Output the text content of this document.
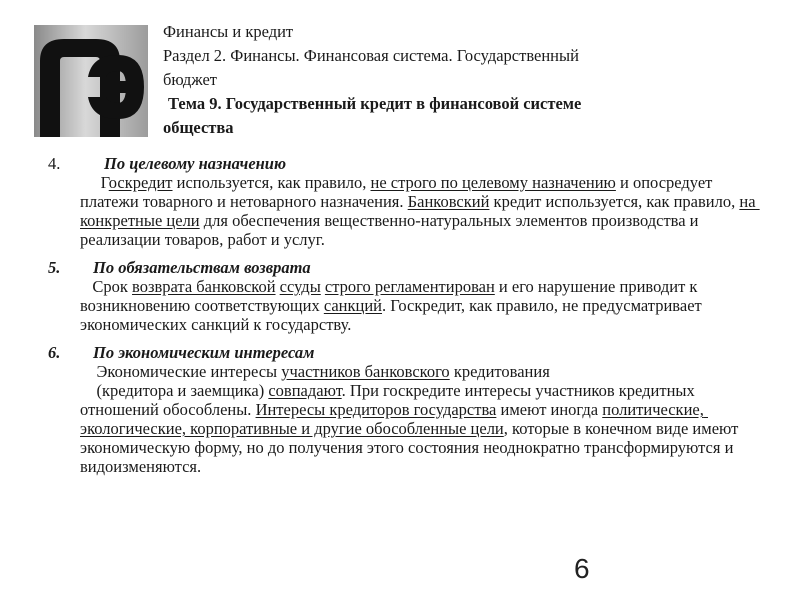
Финансы и кредит
Раздел 2. Финансы. Финансовая система. Государственный
бюджет
Тема 9. Государственный кредит в финансовой системе
общества
4.	По целевому назначению
Госкредит используется, как правило, не строго по целевому назначению и опосредует платежи товарного и нетоварного назначения. Банковский кредит используется, как правило, на конкретные цели для обеспечения вещественно-натуральных элементов производства и реализации товаров, работ и услуг.
5. По обязательствам возврата
Срок возврата банковской ссуды строго регламентирован и его нарушение приводит к  возникновению соответствующих санкций. Госкредит, как правило, не предусматривает экономических санкций к государству.
6. По экономическим интересам
Экономические интересы участников банковского кредитования
(кредитора и заемщика) совпадают. При госкредите интересы участников кредитных отношений обособлены. Интересы кредиторов государства имеют иногда политические, экологические, корпоративные и другие обособленные цели, которые в конечном виде имеют экономическую форму, но до получения этого состояния неоднократно трансформируются и видоизменяются.
6
